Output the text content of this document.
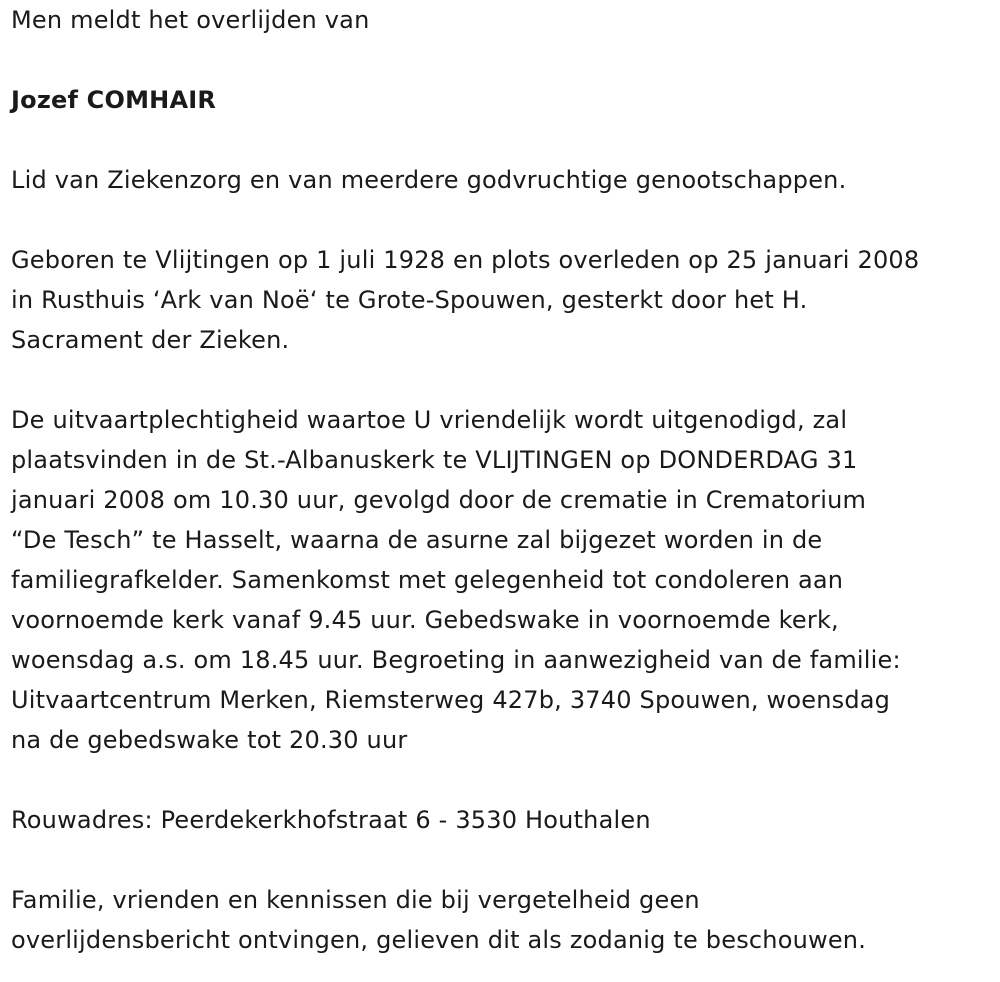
Men meldt het overlijden van

Jozef COMHAIR

Lid van Ziekenzorg en van meerdere godvruchtige genootschappen.

Geboren te Vlijtingen op 1 juli 1928 en plots overleden op 25 januari 2008

in Rusthuis ‘Ark van Noë‘ te Grote-Spouwen, gesterkt door het H.

Sacrament der Zieken.

De uitvaartplechtigheid waartoe U vriendelijk wordt uitgenodigd, zal

plaatsvinden in de St.-Albanuskerk te VLIJTINGEN op DONDERDAG 31

januari 2008 om 10.30 uur, gevolgd door de crematie in Crematorium

“De Tesch” te Hasselt, waarna de asurne zal bijgezet worden in de

familiegrafkelder. Samenkomst met gelegenheid tot condoleren aan

voornoemde kerk vanaf 9.45 uur. Gebedswake in voornoemde kerk,

woensdag a.s. om 18.45 uur. Begroeting in aanwezigheid van de familie:

Uitvaartcentrum Merken, Riemsterweg 427b, 3740 Spouwen, woensdag

na de gebedswake tot 20.30 uur

Rouwadres: Peerdekerkhofstraat 6 - 3530 Houthalen

Familie, vrienden en kennissen die bij vergetelheid geen

overlijdensbericht ontvingen, gelieven dit als zodanig te beschouwen.
